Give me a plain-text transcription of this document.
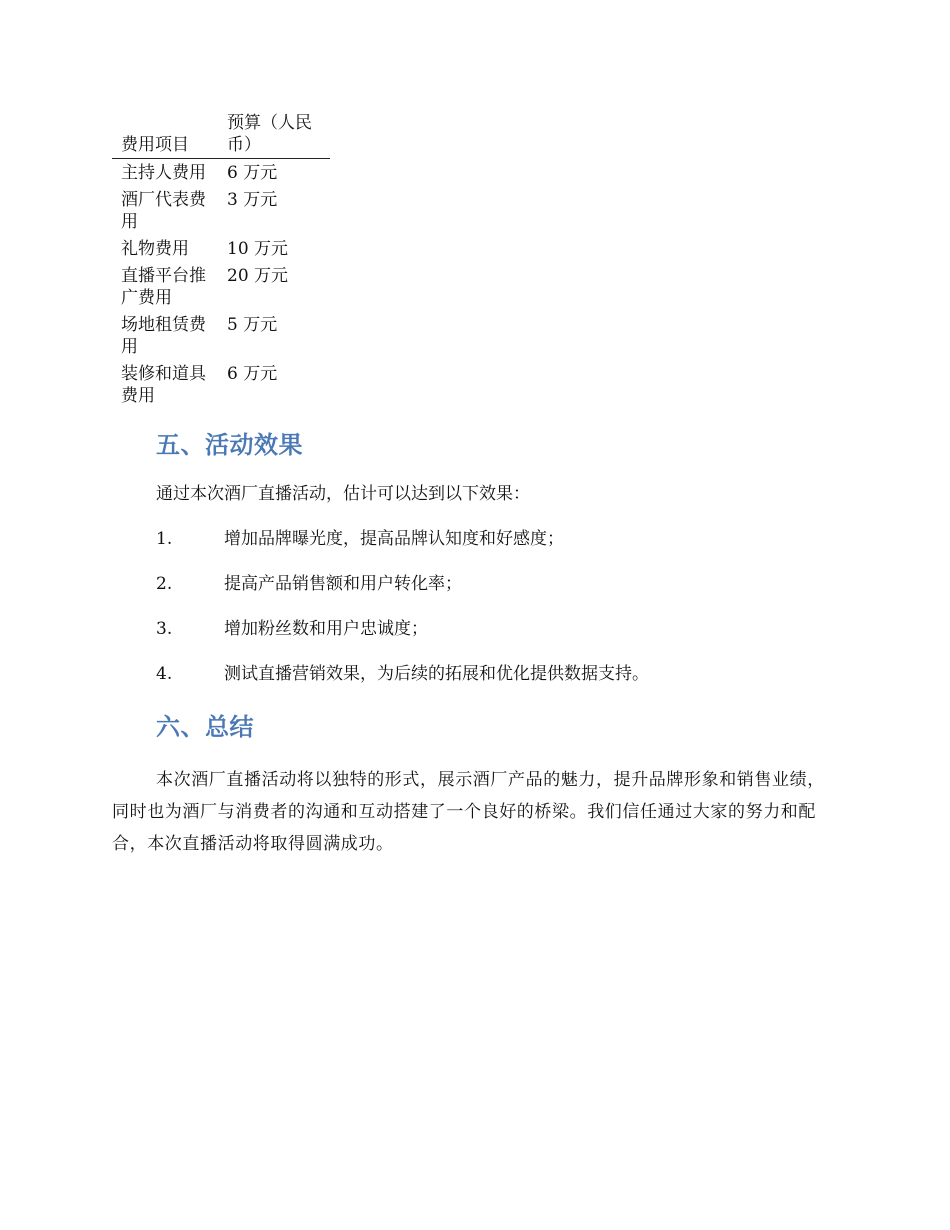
费用项目	预算（人民币）
主持人费用	6 万元
酒厂代表费用	3 万元
礼物费用	10 万元
直播平台推广费用	20 万元
场地租赁费用	5 万元
装修和道具费用	6 万元
五、活动效果

通过本次酒厂直播活动，估计可以达到以下效果：

1.	增加品牌曝光度，提高品牌认知度和好感度；
2.	提高产品销售额和用户转化率；
3.	增加粉丝数和用户忠诚度；
4.	测试直播营销效果，为后续的拓展和优化提供数据支持。
六、总结

本次酒厂直播活动将以独特的形式，展示酒厂产品的魅力，提升品牌形象和销售业绩，同时也为酒厂与消费者的沟通和互动搭建了一个良好的桥梁。我们信任通过大家的努力和配合，本次直播活动将取得圆满成功。
